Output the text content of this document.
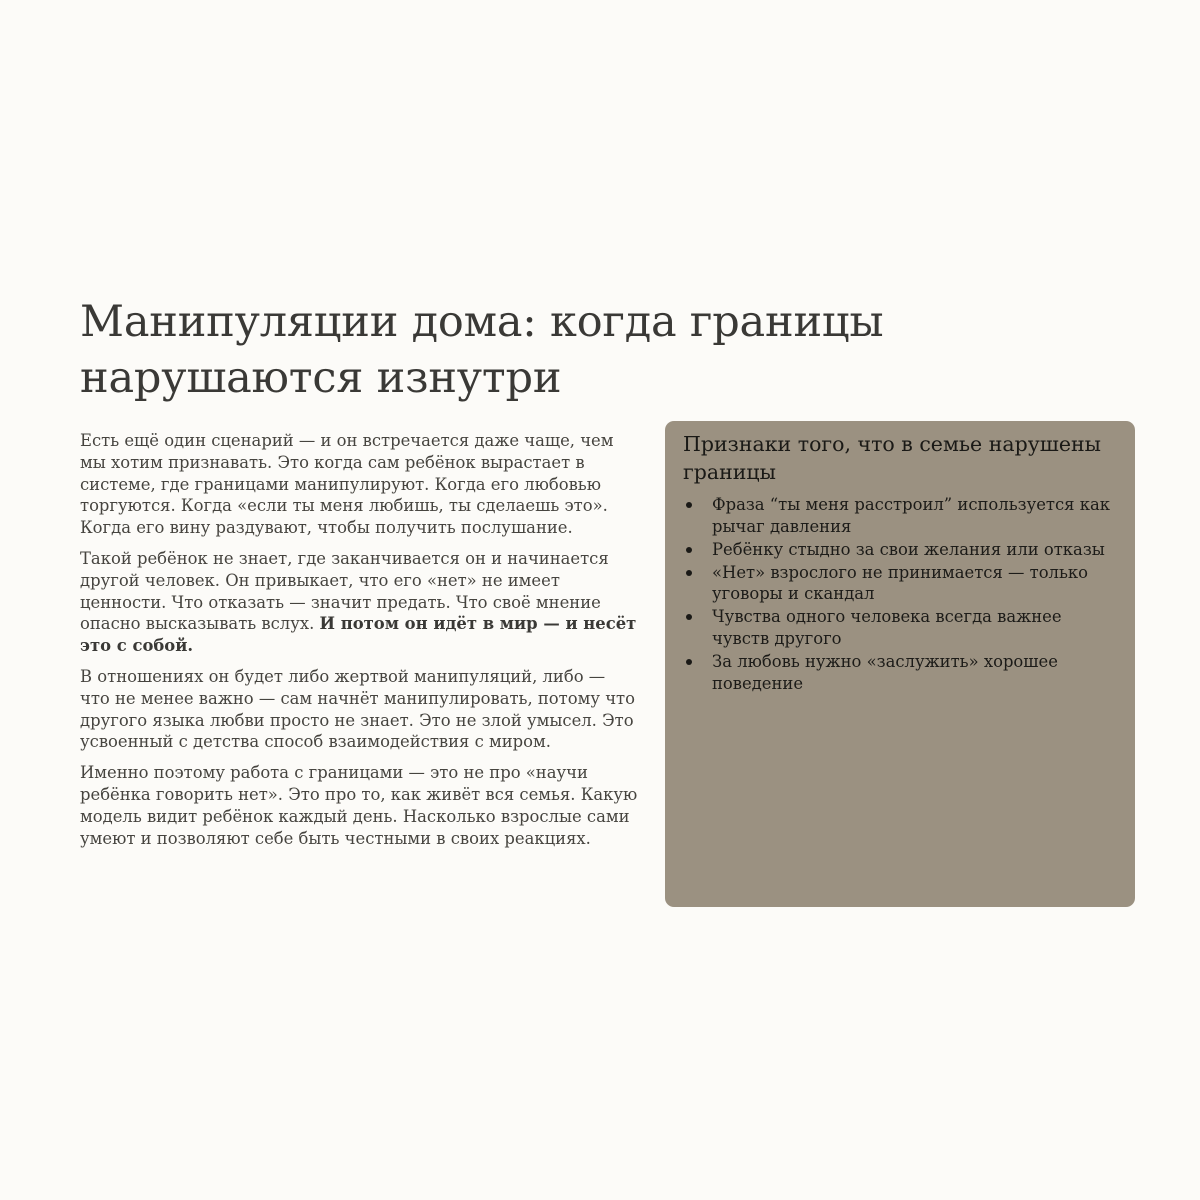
Манипуляции дома: когда границы
нарушаются изнутри

Есть ещё один сценарий — и он встречается даже чаще, чем мы хотим признавать. Это когда сам ребёнок вырастает в системе, где границами манипулируют. Когда его любовью торгуются. Когда «если ты меня любишь, ты сделаешь это». Когда его вину раздувают, чтобы получить послушание.

Такой ребёнок не знает, где заканчивается он и начинается другой человек. Он привыкает, что его «нет» не имеет ценности. Что отказать — значит предать. Что своё мнение опасно высказывать вслух. И потом он идёт в мир — и несёт это с собой.

В отношениях он будет либо жертвой манипуляций, либо — что не менее важно — сам начнёт манипулировать, потому что другого языка любви просто не знает. Это не злой умысел. Это усвоенный с детства способ взаимодействия с миром.

Именно поэтому работа с границами — это не про «научи ребёнка говорить нет». Это про то, как живёт вся семья. Какую модель видит ребёнок каждый день. Насколько взрослые сами умеют и позволяют себе быть честными в своих реакциях.

Признаки того, что в семье нарушены границы
Фраза “ты меня расстроил” используется как рычаг давления
Ребёнку стыдно за свои желания или отказы
«Нет» взрослого не принимается — только уговоры и скандал
Чувства одного человека всегда важнее чувств другого
За любовь нужно «заслужить» хорошее поведение
